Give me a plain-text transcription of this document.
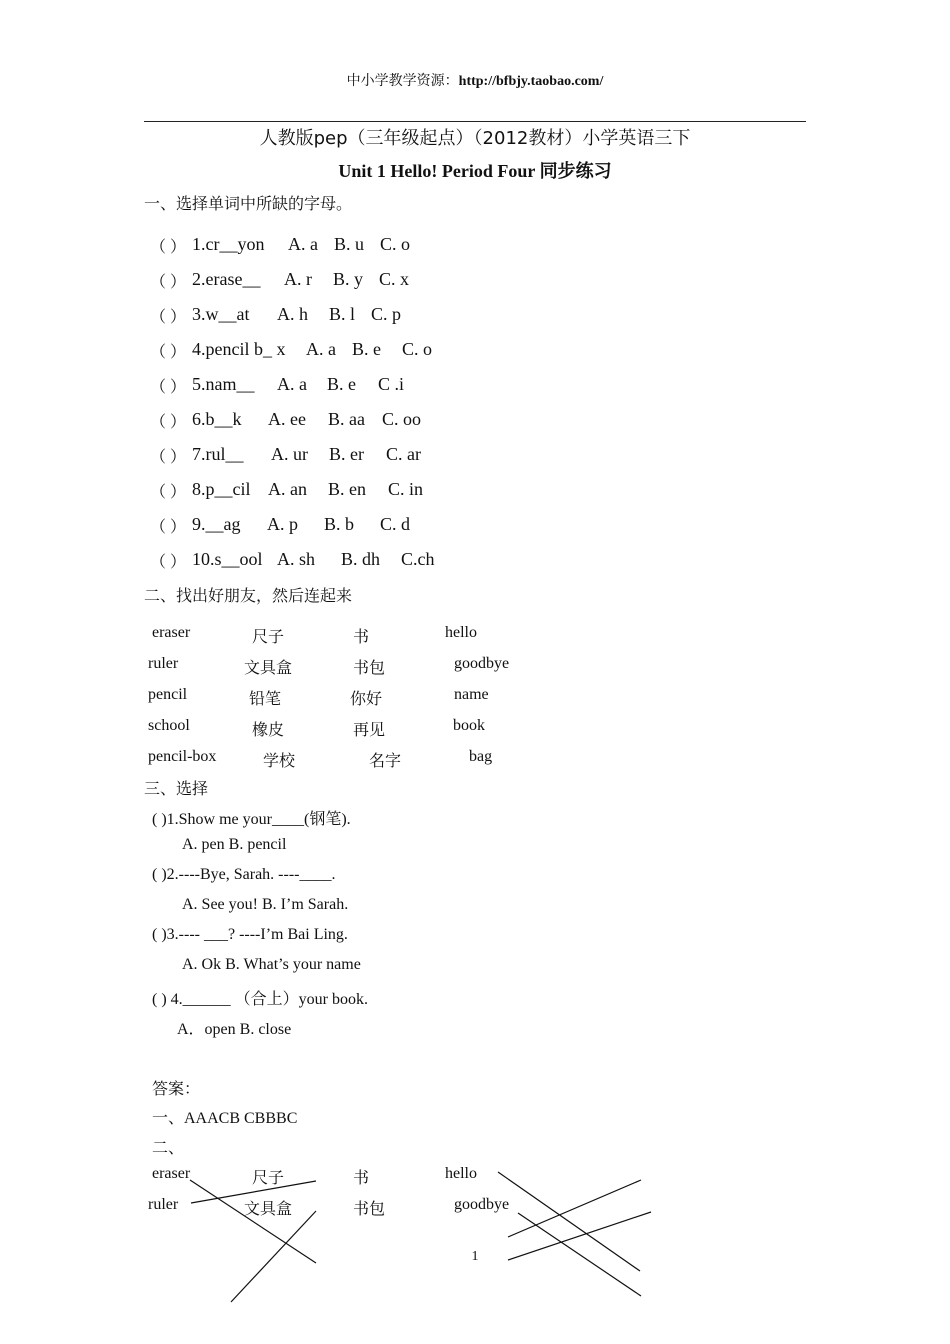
中小学教学资源：http://bfbjy.taobao.com/
人教版pep（三年级起点）（2012教材）小学英语三下
Unit 1 Hello! Period Four 同步练习
一、选择单词中所缺的字母。
（ ） 1.cr__yon A. a B. u C. o
（ ） 2.erase__ A. r B. y C. x
（ ） 3.w__at A. h B. l C. p
（ ） 4.pencil b_ x A. a B. e C. o
（ ） 5.nam__ A. a B. e C .i
（ ） 6.b__k A. ee B. aa C. oo
（ ） 7.rul__ A. ur B. er C. ar
（ ） 8.p__cil A. an B. en C. in
（ ） 9.__ag A. p B. b C. d
（ ） 10.s__ool A. sh B. dh C.ch
二、找出好朋友，然后连起来
eraser	尺子	书	hello
ruler	文具盒	书包	goodbye
pencil	铅笔	你好	name
school	橡皮	再见	book
pencil-box	学校	名字	bag
三、选择
( )1.Show me your____(钢笔).
A. pen B. pencil
( )2.----Bye, Sarah. ----____.
A. See you! B. I’m Sarah.
( )3.---- ___? ----I’m Bai Ling.
A. Ok B. What’s your name
( ) 4.______ （合上）your book.
A．open B. close
答案：
一、AAACB CBBBC
二、
eraser	尺子	书	hello
ruler	文具盒	书包	goodbye
1
